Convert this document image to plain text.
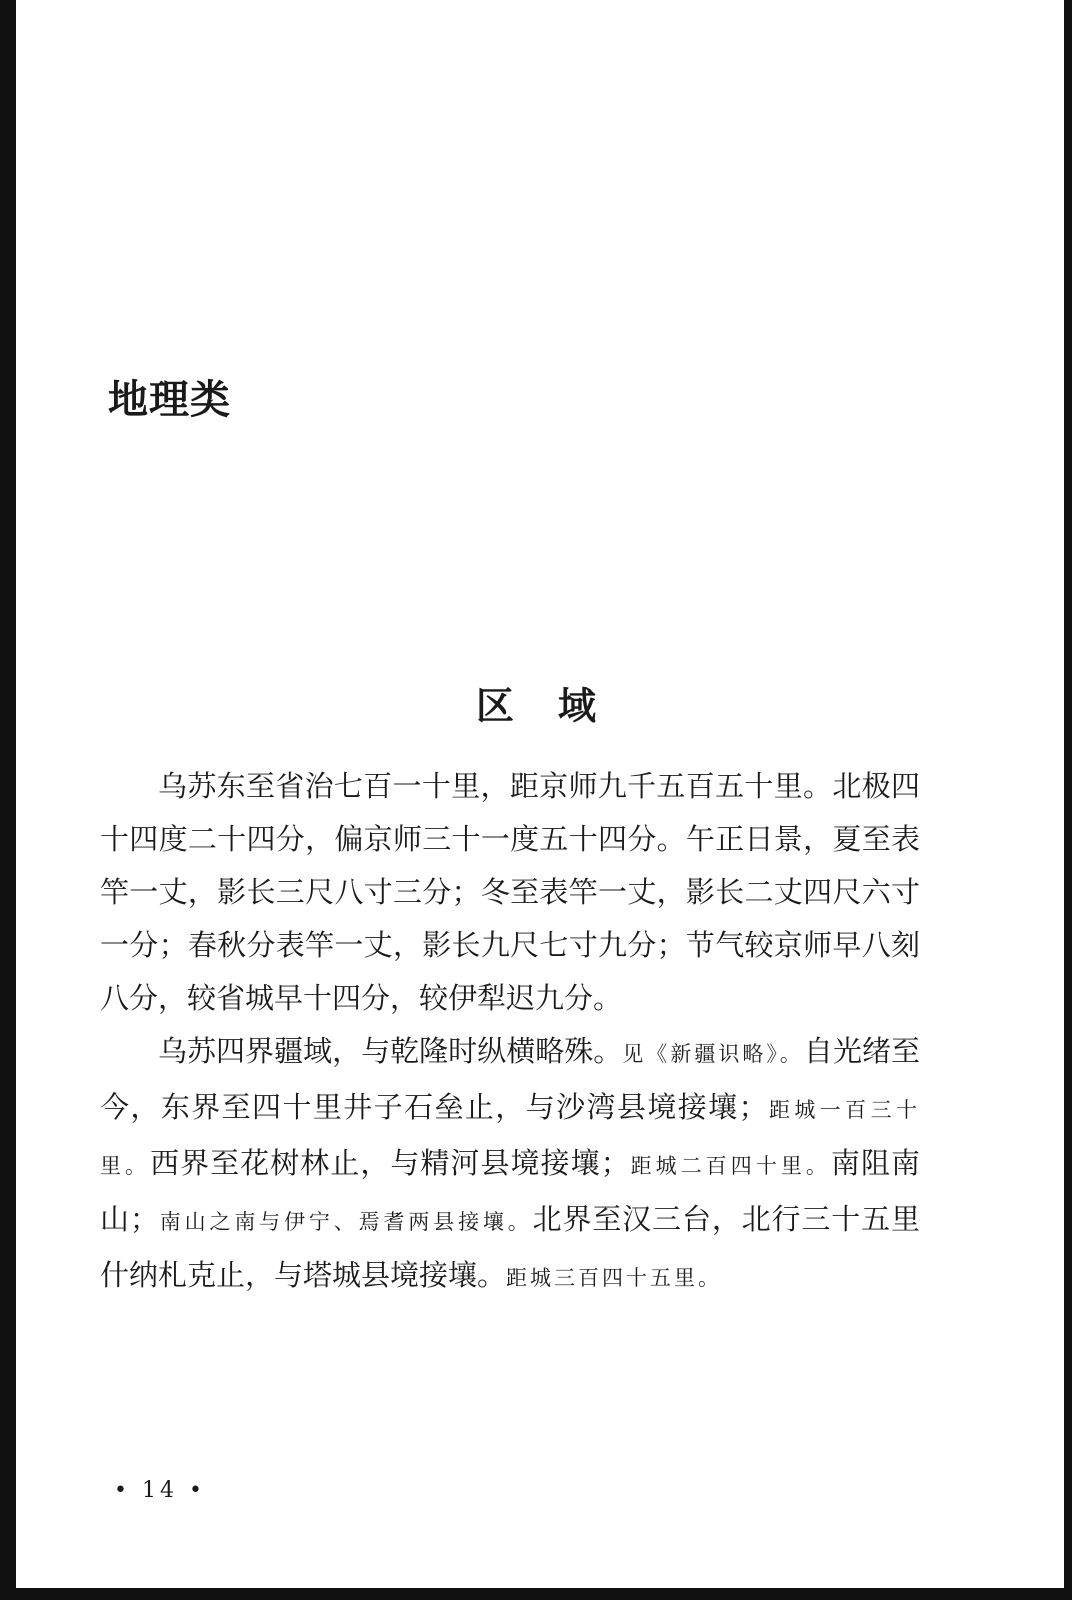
地理类
区 域

乌苏东至省治七百一十里，距京师九千五百五十里。北极四十四度二十四分，偏京师三十一度五十四分。午正日景，夏至表竿一丈，影长三尺八寸三分；冬至表竿一丈，影长二丈四尺六寸一分；春秋分表竿一丈，影长九尺七寸九分；节气较京师早八刻八分，较省城早十四分，较伊犁迟九分。

乌苏四界疆域，与乾隆时纵横略殊。见《新疆识略》。自光绪至今，东界至四十里井子石垒止，与沙湾县境接壤；距城一百三十里。西界至花树林止，与精河县境接壤；距城二百四十里。南阻南山；南山之南与伊宁、焉耆两县接壤。北界至汉三台，北行三十五里什纳札克止，与塔城县境接壤。距城三百四十五里。

• 14 •
